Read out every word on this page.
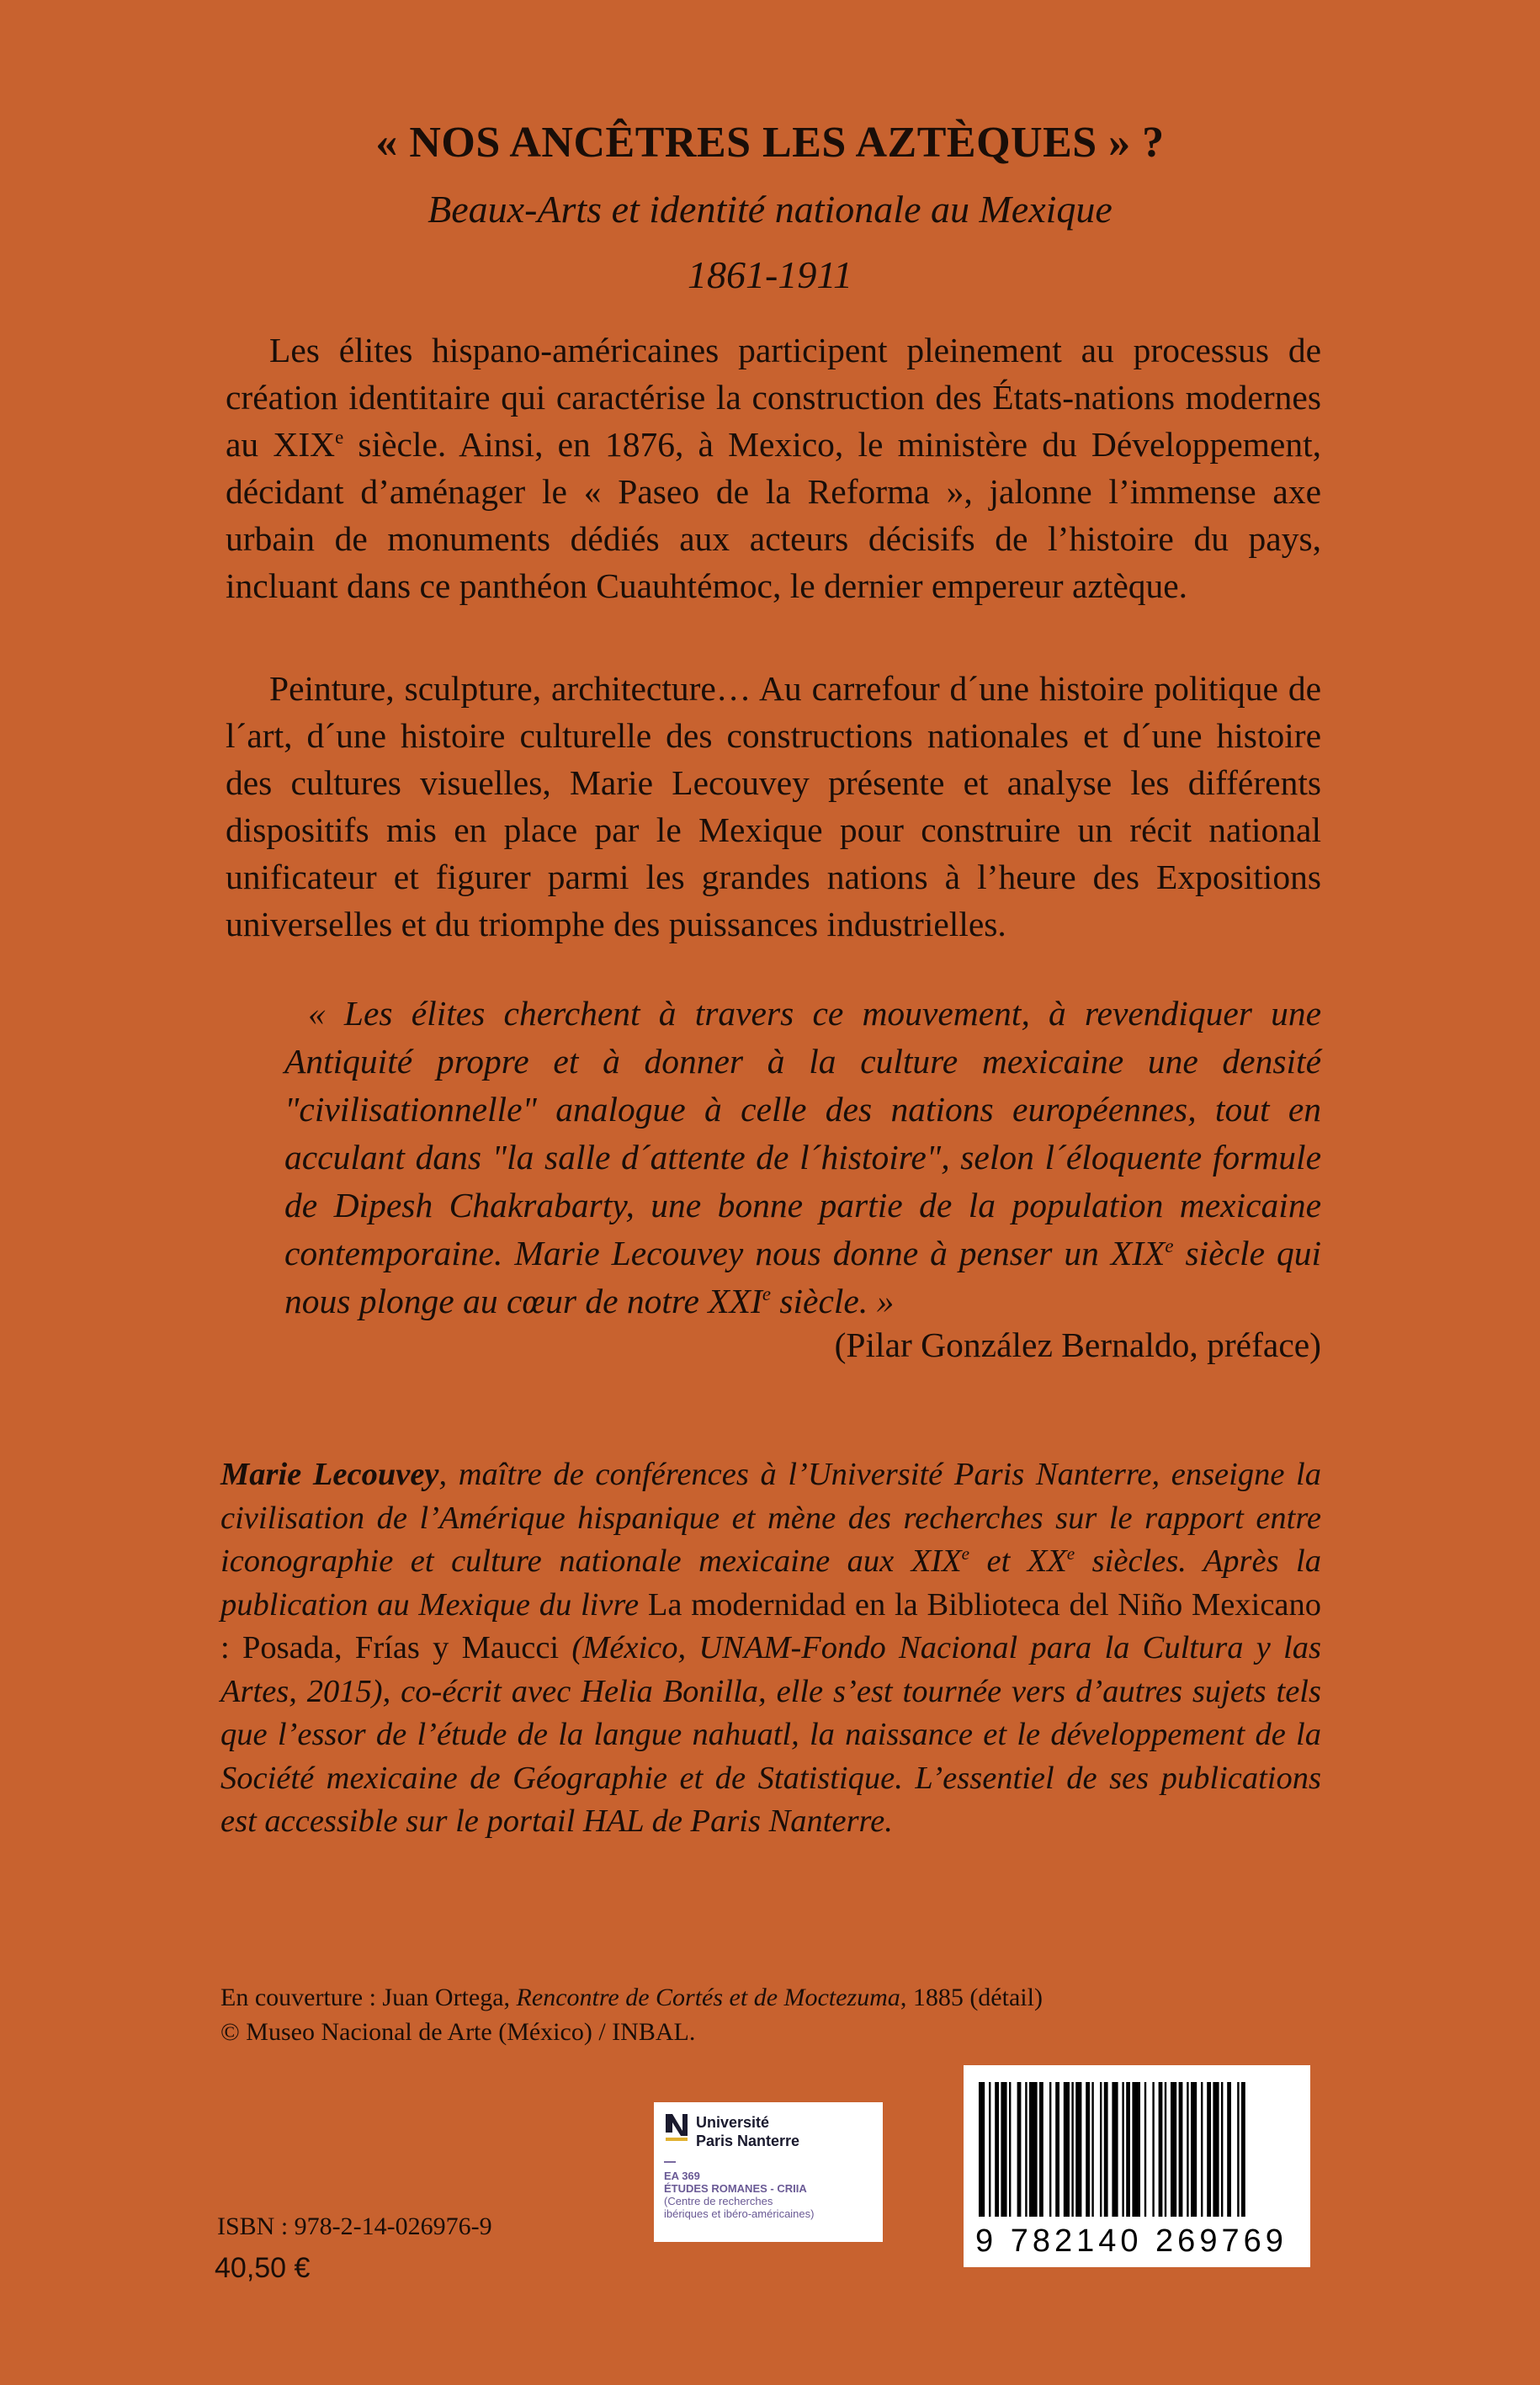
« NOS ANCÊTRES LES AZTÈQUES » ?
Beaux-Arts et identité nationale au Mexique
1861-1911

Les élites hispano-américaines participent pleinement au processus de création identitaire qui caractérise la construction des États-nations modernes au XIXe siècle. Ainsi, en 1876, à Mexico, le ministère du Développement, décidant d’aménager le « Paseo de la Reforma », jalonne l’immense axe urbain de monuments dédiés aux acteurs décisifs de l’histoire du pays, incluant dans ce panthéon Cuauhtémoc, le dernier empereur aztèque.

Peinture, sculpture, architecture… Au carrefour d´une histoire politique de l´art, d´une histoire culturelle des constructions nationales et d´une histoire des cultures visuelles, Marie Lecouvey présente et analyse les différents dispositifs mis en place par le Mexique pour construire un récit national unificateur et figurer parmi les grandes nations à l’heure des Expositions universelles et du triomphe des puissances industrielles.

« Les élites cherchent à travers ce mouvement, à revendiquer une Antiquité propre et à donner à la culture mexicaine une densité "civilisationnelle" analogue à celle des nations européennes, tout en acculant dans "la salle d´attente de l´histoire", selon l´éloquente formule de Dipesh Chakrabarty, une bonne partie de la population mexicaine contemporaine. Marie Lecouvey nous donne à penser un XIXe siècle qui nous plonge au cœur de notre XXIe siècle. »

(Pilar González Bernaldo, préface)

Marie Lecouvey, maître de conférences à l’Université Paris Nanterre, enseigne la civilisation de l’Amérique hispanique et mène des recherches sur le rapport entre iconographie et culture nationale mexicaine aux XIXe et XXe siècles. Après la publication au Mexique du livre La modernidad en la Biblioteca del Niño Mexicano : Posada, Frías y Maucci (México, UNAM-Fondo Nacional para la Cultura y las Artes, 2015), co-écrit avec Helia Bonilla, elle s’est tournée vers d’autres sujets tels que l’essor de l’étude de la langue nahuatl, la naissance et le développement de la Société mexicaine de Géographie et de Statistique. L’essentiel de ses publications est accessible sur le portail HAL de Paris Nanterre.

En couverture : Juan Ortega, Rencontre de Cortés et de Moctezuma, 1885 (détail)
© Museo Nacional de Arte (México) / INBAL.
Université
Paris Nanterre
EA 369
ÉTUDES ROMANES - CRIIA
(Centre de recherches
ibériques et ibéro-américaines)
9 782140 269769
ISBN : 978-2-14-026976-9
40,50 €
